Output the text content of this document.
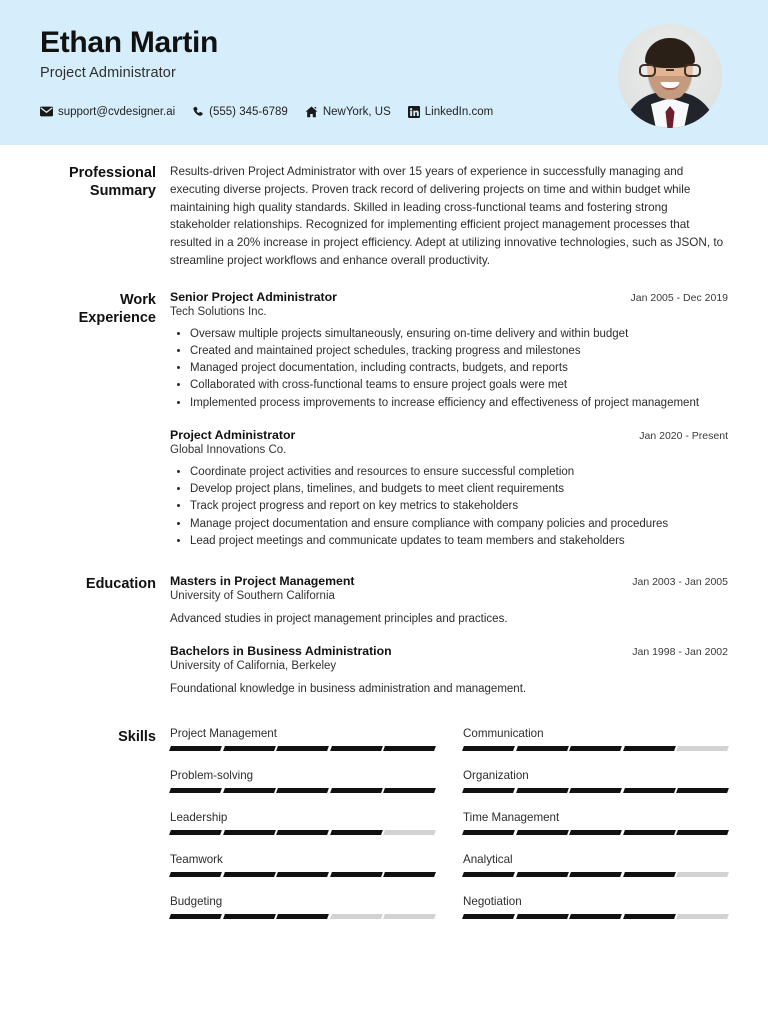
Ethan Martin
Project Administrator
support@cvdesigner.ai	(555) 345-6789	NewYork, US	LinkedIn.com
Professional
Summary
Results-driven Project Administrator with over 15 years of experience in successfully managing and executing diverse projects. Proven track record of delivering projects on time and within budget while maintaining high quality standards. Skilled in leading cross-functional teams and fostering strong stakeholder relationships. Recognized for implementing efficient project management processes that resulted in a 20% increase in project efficiency. Adept at utilizing innovative technologies, such as JSON, to streamline project workflows and enhance overall productivity.
Work
Experience
Senior Project Administrator	Jan 2005 - Dec 2019
Tech Solutions Inc.
• Oversaw multiple projects simultaneously, ensuring on-time delivery and within budget
• Created and maintained project schedules, tracking progress and milestones
• Managed project documentation, including contracts, budgets, and reports
• Collaborated with cross-functional teams to ensure project goals were met
• Implemented process improvements to increase efficiency and effectiveness of project management
Project Administrator	Jan 2020 - Present
Global Innovations Co.
• Coordinate project activities and resources to ensure successful completion
• Develop project plans, timelines, and budgets to meet client requirements
• Track project progress and report on key metrics to stakeholders
• Manage project documentation and ensure compliance with company policies and procedures
• Lead project meetings and communicate updates to team members and stakeholders
Education	Masters in Project Management	Jan 2003 - Jan 2005
University of Southern California
Advanced studies in project management principles and practices.
Bachelors in Business Administration	Jan 1998 - Jan 2002
University of California, Berkeley
Foundational knowledge in business administration and management.
Skills	Project Management	Communication
Problem-solving	Organization
Leadership	Time Management
Teamwork	Analytical
Budgeting	Negotiation
